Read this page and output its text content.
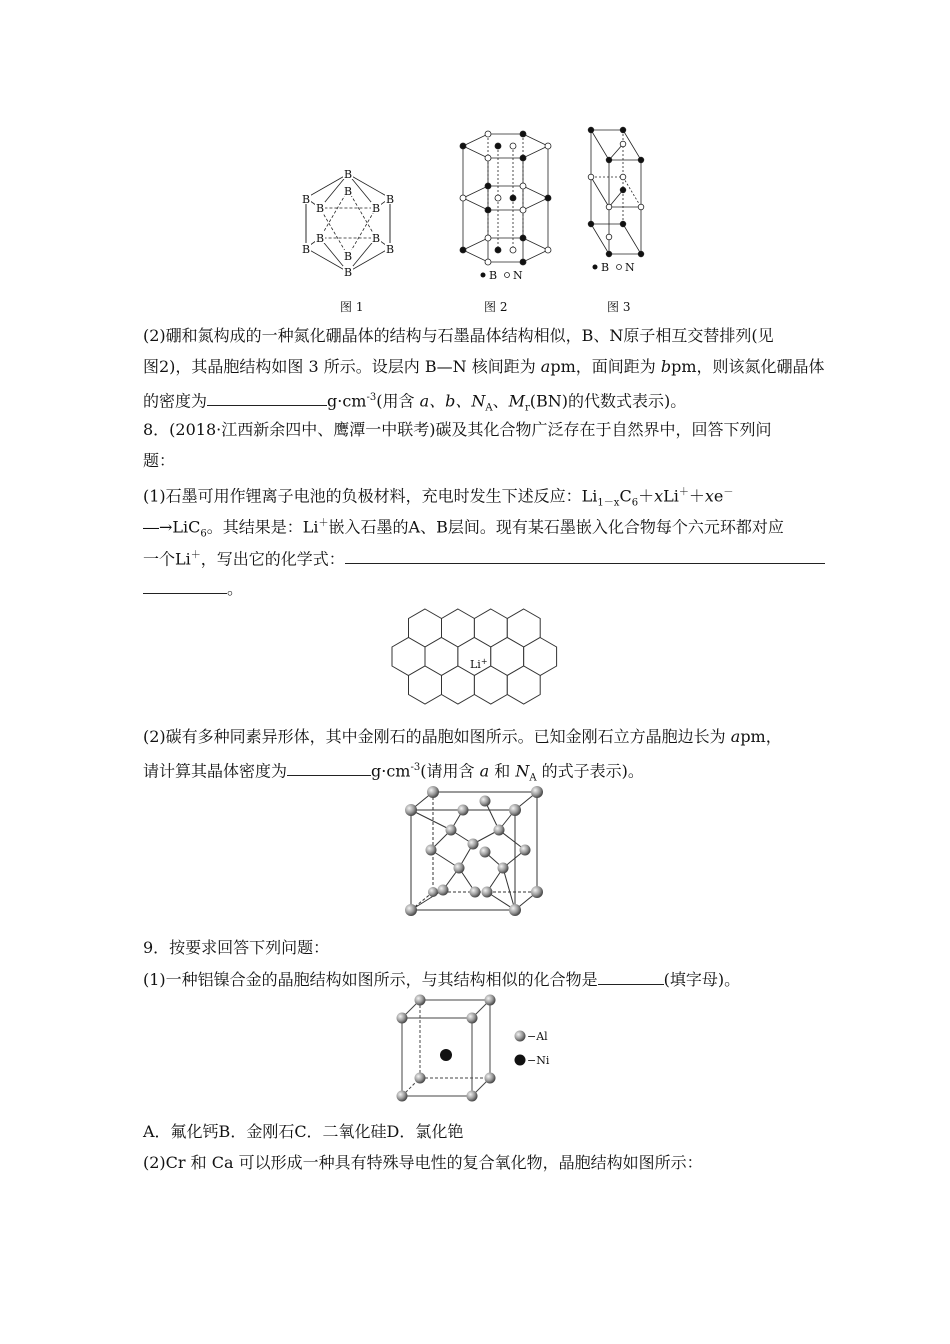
B
B
B
B
B
B
B	B
B	B
B
B
图 1
B N
图 2
B N
图 3
(2)硼和氮构成的一种氮化硼晶体的结构与石墨晶体结构相似，B、N原子相互交替排列(见
图2)，其晶胞结构如图 3 所示。设层内 B—N 核间距为 apm，面间距为 bpm，则该氮化硼晶体
的密度为	$g\cdot cm^{-3}$(用含 a、b、$N_A$、$M_r(BN)$的代数式表示)。
8．(2018·江西新余四中、鹰潭一中联考)碳及其化合物广泛存在于自然界中，回答下列问
题：
(1)石墨可用作锂离子电池的负极材料，充电时发生下述反应：$Li_{1-x}C_6+xLi^++xe^-$
―→LiC$_6$。其结果是：Li＋嵌入石墨的A、B层间。现有某石墨嵌入化合物每个六元环都对应
一个Li＋，写出它的化学式：
。
Li+
(2)碳有多种同素异形体，其中金刚石的晶胞如图所示。已知金刚石立方晶胞边长为 apm，
请计算其晶体密度为	$g\cdot cm^{-3}$(请用含 a 和 $N_A$ 的式子表示)。
9．按要求回答下列问题：
(1)一种铝镍合金的晶胞结构如图所示，与其结构相似的化合物是	(填字母)。
−Al
−Ni
A．氟化钙B．金刚石C．二氧化硅D．氯化铯
(2)Cr 和 Ca 可以形成一种具有特殊导电性的复合氧化物，晶胞结构如图所示：
